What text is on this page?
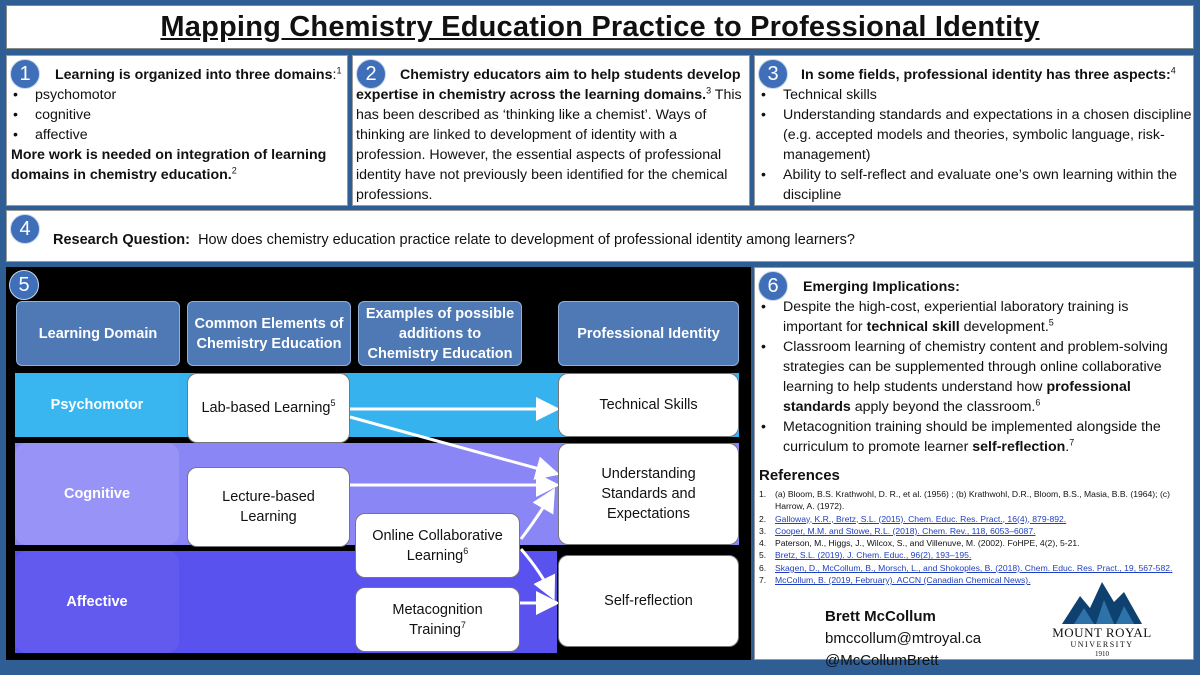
Mapping Chemistry Education Practice to Professional Identity
1	Learning is organized into three domains:$^1$
• psychomotor
• cognitive
• affective
More work is needed on integration of learning domains in chemistry education.$^2$
2	Chemistry educators aim to help students develop expertise in chemistry across the learning domains.$^3$ This has been described as ‘thinking like a chemist’. Ways of thinking are linked to development of identity with a profession. However, the essential aspects of professional identity have not previously been identified for the chemical professions.
3	In some fields, professional identity has three aspects:$^4$
• Technical skills
• Understanding standards and expectations in a chosen discipline (e.g. accepted models and theories, symbolic language, risk-management)
• Ability to self-reflect and evaluate one’s own learning within the discipline
4
Research Question: How does chemistry education practice relate to development of professional identity among learners?
5
Psychomotor
Cognitive
Affective
Learning Domain
Common Elements of Chemistry Education
Examples of possible additions to Chemistry Education
Professional Identity
Lab-based Learning$^5$
Lecture-based Learning
Online Collaborative Learning$^6$
Metacognition Training$^7$
Technical Skills
Understanding Standards and Expectations
Self-reflection
6	Emerging Implications:
• Despite the high-cost, experiential laboratory training is important for technical skill development.$^5$
• Classroom learning of chemistry content and problem-solving strategies can be supplemented through online collaborative learning to help students understand how professional standards apply beyond the classroom.$^6$
• Metacognition training should be implemented alongside the curriculum to promote learner self-reflection.$^7$
References
1. (a) Bloom, B.S. Krathwohl, D. R., et al. (1956) ; (b) Krathwohl, D.R., Bloom, B.S., Masia, B.B. (1964); (c) Harrow, A. (1972).
2. Galloway, K.R., Bretz, S.L. (2015). Chem. Educ. Res. Pract., 16(4), 879-892.
3. Cooper, M.M. and Stowe, R.L. (2018). Chem. Rev., 118, 6053–6087.
4. Paterson, M., Higgs, J., Wilcox, S., and Villenuve, M. (2002). FoHPE, 4(2), 5-21.
5. Bretz, S.L. (2019). J. Chem. Educ., 96(2), 193–195.
6. Skagen, D., McCollum, B., Morsch, L., and Shokoples, B. (2018). Chem. Educ. Res. Pract., 19, 567-582.
7. McCollum, B. (2019, February). ACCN (Canadian Chemical News).
Brett McCollum
bmccollum@mtroyal.ca
@McCollumBrett
MOUNT ROYAL
UNIVERSITY
1910
